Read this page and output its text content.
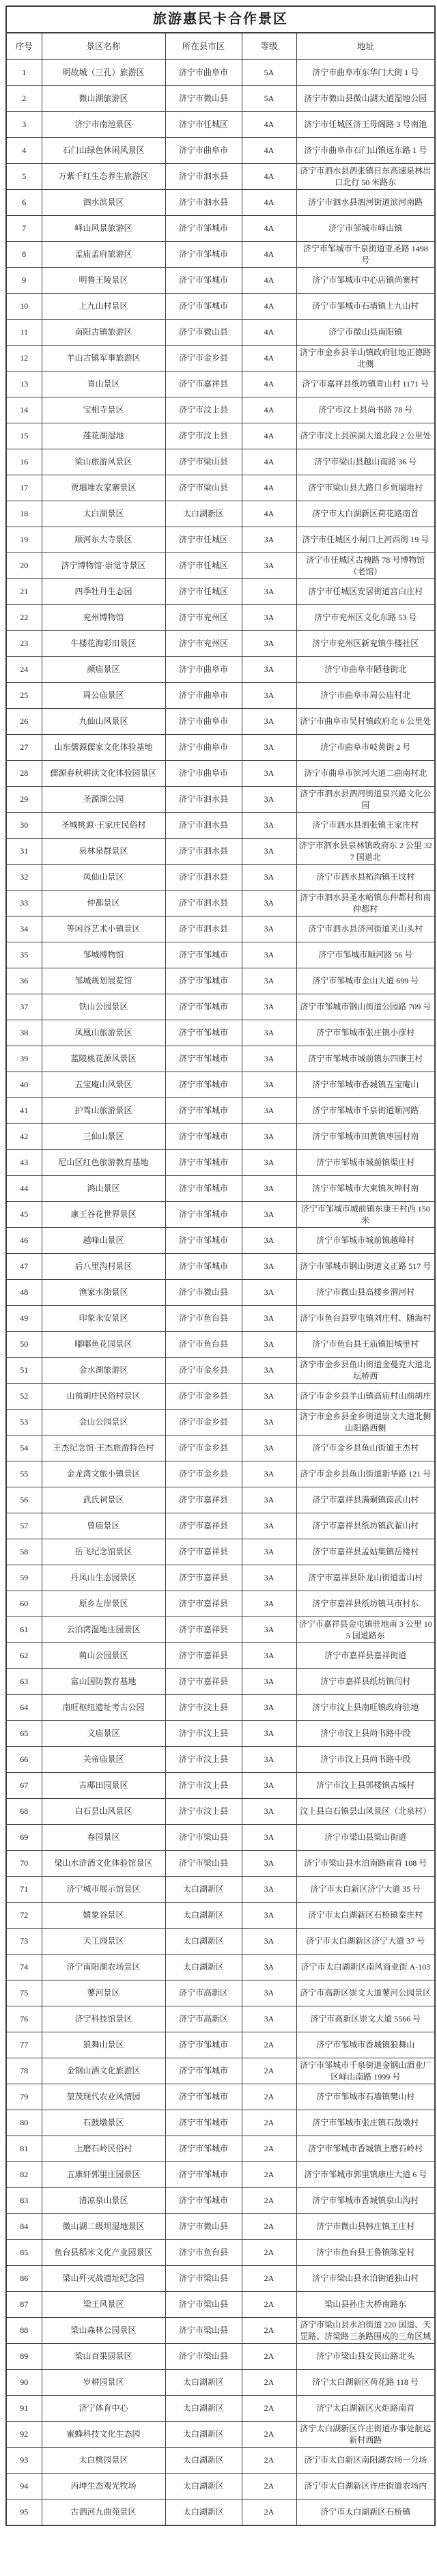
旅游惠民卡合作景区				
序号	景区名称	所在县市区	等级	地址
1	明故城（三孔）旅游区	济宁市曲阜市	5A	济宁市曲阜市东华门大街 1 号
2	微山湖旅游区	济宁市微山县	5A	济宁市微山县微山湖大道湿地公园
3	济宁市南池景区	济宁市任城区	4A	济宁市任城区济王母阁路 3 号南池
4	石门山绿色休闲风景区	济宁市曲阜市	4A	济宁市曲阜市石门山镇远东路 1 号
5	万紫千红生态养生旅游区	济宁市泗水县	4A	济宁市泗水县泗张镇日东高速泉林出口北行 50 米路东
6	泗水滨景区	济宁市泗水县	4A	济宁市泗水县泗河街道滨河南路
7	峄山风景旅游区	济宁市邹城市	4A	济宁市邹城市峄山镇
8	孟庙孟府旅游区	济宁市邹城市	4A	济宁市邹城市千泉街道亚圣路 1498 号
9	明鲁王陵景区	济宁市邹城市	4A	济宁市邹城市中心店镇尚寨村
10	上九山村景区	济宁市邹城市	4A	济宁市邹城市石墙镇上九山村
11	南阳古镇旅游区	济宁市微山县	4A	济宁市微山县南阳镇
12	羊山古镇军事旅游区	济宁市金乡县	4A	济宁市金乡县羊山镇政府驻地正德路北侧
13	青山景区	济宁市嘉祥县	4A	济宁市嘉祥县纸坊镇青山村 1171 号
14	宝相寺景区	济宁市汶上县	4A	济宁市汶上县尚书路 78 号
15	莲花湖湿地	济宁市汶上县	4A	济宁市汶上县滨湖大道北段 2 公里处
16	梁山旅游风景区	济宁市梁山县	4A	济宁市梁山县越山南路 36 号
17	贾堌堆农家寨景区	济宁市梁山县	4A	济宁市梁山县大路口乡贾堌堆村
18	太白湖景区	太白湖新区	4A	济宁市太白湖新区荷花路南首
19	顺河东大寺景区	济宁市任城区	3A	济宁市任城区小闸口上河西街 19 号
20	济宁博物馆·崇觉寺景区	济宁市任城区	3A	济宁市任城区古槐路 78 号博物馆（老馆）
21	四季牡丹生态园	济宁市任城区	3A	济宁市任城区安居街道宫白庄村
22	兖州博物馆	济宁市兖州区	3A	济宁市兖州区文化东路 53 号
23	牛楼花海彩田景区	济宁市兖州区	3A	济宁市兖州区新兖镇牛楼社区
24	颜庙景区	济宁市曲阜市	3A	济宁市曲阜市陋巷街北
25	周公庙景区	济宁市曲阜市	3A	济宁市曲阜市周公庙村北
26	九仙山风景区	济宁市曲阜市	3A	济宁市曲阜市吴村镇政府北 6 公里处
27	山东儒源儒家文化体验基地	济宁市曲阜市	3A	济宁市曲阜市岐黄街 2 号
28	儒源春秋耕读文化体验园景区	济宁市曲阜市	3A	济宁市曲阜市滨河大道二曲南村北
29	圣源湖公园	济宁市泗水县	3A	济宁市泗水县泗河街道泉兴路文化公园
30	圣城桃源·王家庄民俗村	济宁市泗水县	3A	济宁市泗水县泗张镇王家庄村
31	泉林泉群景区	济宁市泗水县	3A	济宁市泗水县泉林镇政府东 2 公里 327 国道北
32	凤仙山景区	济宁市泗水县	3A	济宁市泗水县柘沟镇王坟村
33	仲都景区	济宁市泗水县	3A	济宁市泗水县圣水峪镇东仲都村和南仲都村
34	等闲谷艺术小镇景区	济宁市泗水县	3A	济宁市泗水县济河街道夹山头村
35	邹城博物馆	济宁市邹城市	3A	济宁市邹城市顺河路 56 号
36	邹城规划展览馆	济宁市邹城市	3A	济宁市邹城市金山大道 699 号
37	铁山公园景区	济宁市邹城市	3A	济宁市邹城市钢山街道公园路 709 号
38	凤凰山旅游景区	济宁市邹城市	3A	济宁市邹城市张庄镇小彦村
39	蓝陵桃花源风景区	济宁市邹城市	3A	济宁市邹城市城前镇东四康王村
40	五宝庵山风景区	济宁市邹城市	3A	济宁市邹城市香城镇五宝庵山
41	护驾山旅游景区	济宁市邹城市	3A	济宁市邹城市千泉街道顺河路
42	三仙山景区	济宁市邹城市	3A	济宁市邹城市田黄镇枣园村南
43	尼山区红色旅游教育基地	济宁市邹城市	3A	济宁市邹城市城前镇渠庄村
44	鸿山景区	济宁市邹城市	3A	济宁市邹城市大束镇灰埠村南
45	康王谷花世界景区	济宁市邹城市	3A	济宁市邹城市城前镇东康王村西 150 米
46	越峰山景区	济宁市邹城市	3A	济宁市邹城市城前镇越峰村
47	后八里沟村景区	济宁市邹城市	3A	济宁市邹城市钢山街道义正路 517 号
48	渔家水街景区	济宁市微山县	3A	济宁市微山县高楼乡渭河村
49	印象永安景区	济宁市鱼台县	3A	济宁市鱼台县罗屯镇刘庄村、随海村
50	嘟嘟鱼花园景区	济宁市鱼台县	3A	济宁市鱼台县王庙镇旧城里村
51	金水湖旅游区	济宁市金乡县	3A	济宁市金乡县鱼山街道金曼克大道北坛桥西
52	山前胡庄民俗村景区	济宁市金乡县	3A	济宁市金乡县羊山镇高庙村山前胡庄
53	金山公园景区	济宁市金乡县	3A	济宁市金乡县金乡街道崇文大道北侧山阳路西侧
54	王杰纪念馆·王杰旅游特色村	济宁市金乡县	3A	济宁市金乡县鱼山街道王杰村
55	金龙湾文旅小镇景区	济宁市金乡县	3A	济宁市金乡县鱼山街道新华路 121 号
56	武氏祠景区	济宁市嘉祥县	3A	济宁市嘉祥县满硐镇南武山村
57	曾庙景区	济宁市嘉祥县	3A	济宁市嘉祥县纸坊镇武翟山村
58	岳飞纪念馆景区	济宁市嘉祥县	3A	济宁市嘉祥县孟姑集镇岳楼村
59	丹凤山生态园景区	济宁市嘉祥县	3A	济宁市嘉祥县卧龙山街道雷山村
60	原乡左岸景区	济宁市嘉祥县	3A	济宁市嘉祥县纸坊镇马市村东
61	云泊湾湿地庄园景区	济宁市嘉祥县	3A	济宁市嘉祥县金屯镇驻地南 3 公里 105 国道路东
62	萌山公园景区	济宁市嘉祥县	3A	济宁市嘉祥县嘉祥街道
63	富山国防教育基地	济宁市嘉祥县	3A	济宁市嘉祥县纸坊镇闫村
64	南旺枢纽遗址考古公园	济宁市汶上县	3A	济宁市汶上县南旺镇政府驻地
65	文庙景区	济宁市汶上县	3A	济宁市汶上县尚书路中段
66	关帝庙景区	济宁市汶上县	3A	济宁市汶上县尚书路中段
67	古郕田园景区	济宁市汶上县	3A	济宁市汶上县郭楼镇古城村
68	白石昙山风景区	济宁市汶上县	3A	汶上县白石镇昙山风景区（北泉村）
69	春园景区	济宁市梁山县	3A	济宁市梁山县梁山街道
70	梁山水浒酒文化体验馆景区	济宁市梁山县	3A	济宁市梁山县水泊南路南首 108 号
71	济宁城市展示馆景区	太白湖新区	3A	济宁市太白新区济宁大道 35 号
72	嬉象谷景区	太白湖新区	3A	济宁市太白湖新区石桥镇秦庄村
73	天工园景区	太白湖新区	3A	济宁市太白湖新区济宁大道 37 号
74	济宁南阳湖农场景区	太白湖新区	3A	济宁市太白湖新区南风商业街 A-103
75	蓼河景区	济宁市高新区	3A	济宁市高新区崇文大道蓼河公园景区
76	济宁科技馆景区	济宁市高新区	3A	济宁市高新区崇文大道 5566 号
77	狼舞山景区	济宁市邹城市	2A	济宁市邹城市香城镇狼舞山
78	金钢山酒文化旅游区	济宁市邹城市	2A	济宁市邹城市千泉街道金钢山酒业厂区峄山南路 1999 号
79	堃茂现代农业风情园	济宁市邹城市	2A	济宁市邹城市石墙镇樊山村
80	石鼓墩景区	济宁市邹城市	2A	济宁市邹城市张庄镇石鼓墩村
81	上磨石岭民俗村	济宁市邹城市	2A	济宁市邹城市香城镇上磨石岭村
82	五康轩郭里庄园景区	济宁市邹城市	2A	济宁市邹城市郭里镇康庄大道 6 号
83	清凉泉山景区	济宁市邹城市	2A	济宁市邹城市香城镇泉山沟村
84	微山湖二级坝湿地景区	济宁市微山县	2A	济宁市微山县韩庄镇王庄村
85	鱼台县稻米文化产业园景区	济宁市鱼台县	2A	济宁市鱼台县王鲁镇陈堂村
86	梁山歼灭战遗址纪念园	济宁市梁山县	2A	济宁市梁山县水泊街道独山村
87	梁王风景区	济宁市梁山县	2A	梁山县孙庄大桥南路东
88	梁山森林公园景区	济宁市梁山县	2A	济宁市梁山县水泊街道 220 国道、天罡路、济梁路三条路围成的三角区域
89	梁山百果园景区	济宁市梁山县	2A	济宁市梁山县安民山路北头
90	岁耕园景区	太白湖新区	2A	济宁太白湖新区荷花路 118 号
91	济宁体育中心	太白湖新区	2A	济宁太白湖新区火炬路南首
92	蜜蜂科技文化生态园	太白湖新区	2A	济宁太白湖新区许庄街道办事处航运新村西路
93	太白桃园景区	太白湖新区	2A	济宁市太白新区南阳湖农场一分场
94	丙坤生态观光牧场	太白湖新区	2A	济宁市太白湖新区许庄街道农场内
95	古泗河九曲苑景区	太白湖新区	2A	济宁市太白湖新区石桥镇
